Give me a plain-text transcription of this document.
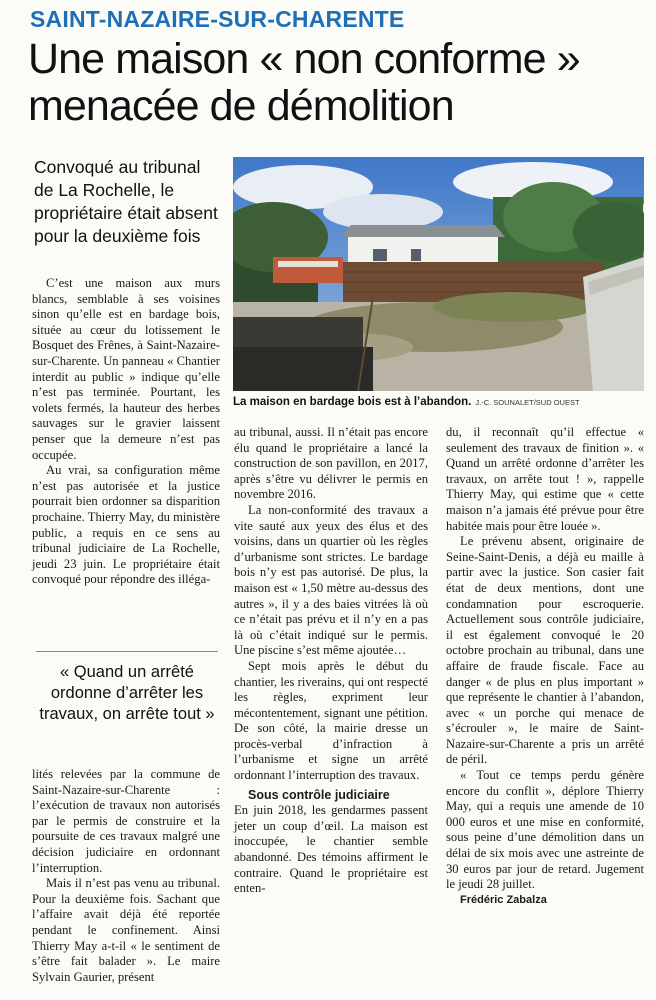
SAINT-NAZAIRE-SUR-CHARENTE
Une maison « non conforme » menacée de démolition
Convoqué au tribunal de La Rochelle, le propriétaire était absent pour la deuxième fois
La maison en bardage bois est à l’abandon. J.-C. SOUNALET/SUD OUEST

C’est une maison aux murs blancs, semblable à ses voisines sinon qu’elle est en bardage bois, située au cœur du lotissement le Bosquet des Frênes, à Saint-Nazaire-sur-Charente. Un panneau « Chantier interdit au public » indique qu’elle n’est pas terminée. Pourtant, les volets fermés, la hauteur des herbes sauvages sur le gravier laissent penser que la demeure n’est pas occupée.

Au vrai, sa configuration même n’est pas autorisée et la justice pourrait bien ordonner sa disparition prochaine. Thierry May, du ministère public, a requis en ce sens au tribunal judiciaire de La Rochelle, jeudi 23 juin. Le propriétaire était convoqué pour répondre des illéga-

« Quand un arrêté ordonne d’arrêter les travaux, on arrête tout »

lités relevées par la commune de Saint-Nazaire-sur-Charente : l’exécution de travaux non autorisés par le permis de construire et la poursuite de ces travaux malgré une décision judiciaire en ordonnant l’interruption.

Mais il n’est pas venu au tribunal. Pour la deuxième fois. Sachant que l’affaire avait déjà été reportée pendant le confinement. Ainsi Thierry May a-t-il « le sentiment de s’être fait balader ». Le maire Sylvain Gaurier, présent

au tribunal, aussi. Il n’était pas encore élu quand le propriétaire a lancé la construction de son pavillon, en 2017, après s’être vu délivrer le permis en novembre 2016.

La non-conformité des travaux a vite sauté aux yeux des élus et des voisins, dans un quartier où les règles d’urbanisme sont strictes. Le bardage bois n’y est pas autorisé. De plus, la maison est « 1,50 mètre au-dessus des autres », il y a des baies vitrées là où ce n’était pas prévu et il n’y en a pas là où c’était indiqué sur le permis. Une piscine s’est même ajoutée…

Sept mois après le début du chantier, les riverains, qui ont respecté les règles, expriment leur mécontentement, signant une pétition. De son côté, la mairie dresse un procès-verbal d’infraction à l’urbanisme et signe un arrêté ordonnant l’interruption des travaux.

Sous contrôle judiciaire

En juin 2018, les gendarmes passent jeter un coup d’œil. La maison est inoccupée, le chantier semble abandonné. Des témoins affirment le contraire. Quand le propriétaire est enten-

du, il reconnaît qu’il effectue « seulement des travaux de finition ». « Quand un arrêté ordonne d’arrêter les travaux, on arrête tout ! », rappelle Thierry May, qui estime que « cette maison n’a jamais été prévue pour être habitée mais pour être louée ».

Le prévenu absent, originaire de Seine-Saint-Denis, a déjà eu maille à partir avec la justice. Son casier fait état de deux mentions, dont une condamnation pour escroquerie. Actuellement sous contrôle judiciaire, il est également convoqué le 20 octobre prochain au tribunal, dans une affaire de fraude fiscale. Face au danger « de plus en plus important » que représente le chantier à l’abandon, avec « un porche qui menace de s’écrouler », le maire de Saint-Nazaire-sur-Charente a pris un arrêté de péril.

« Tout ce temps perdu génère encore du conflit », déplore Thierry May, qui a requis une amende de 10 000 euros et une mise en conformité, sous peine d’une démolition dans un délai de six mois avec une astreinte de 30 euros par jour de retard. Jugement le jeudi 28 juillet.

Frédéric Zabalza
